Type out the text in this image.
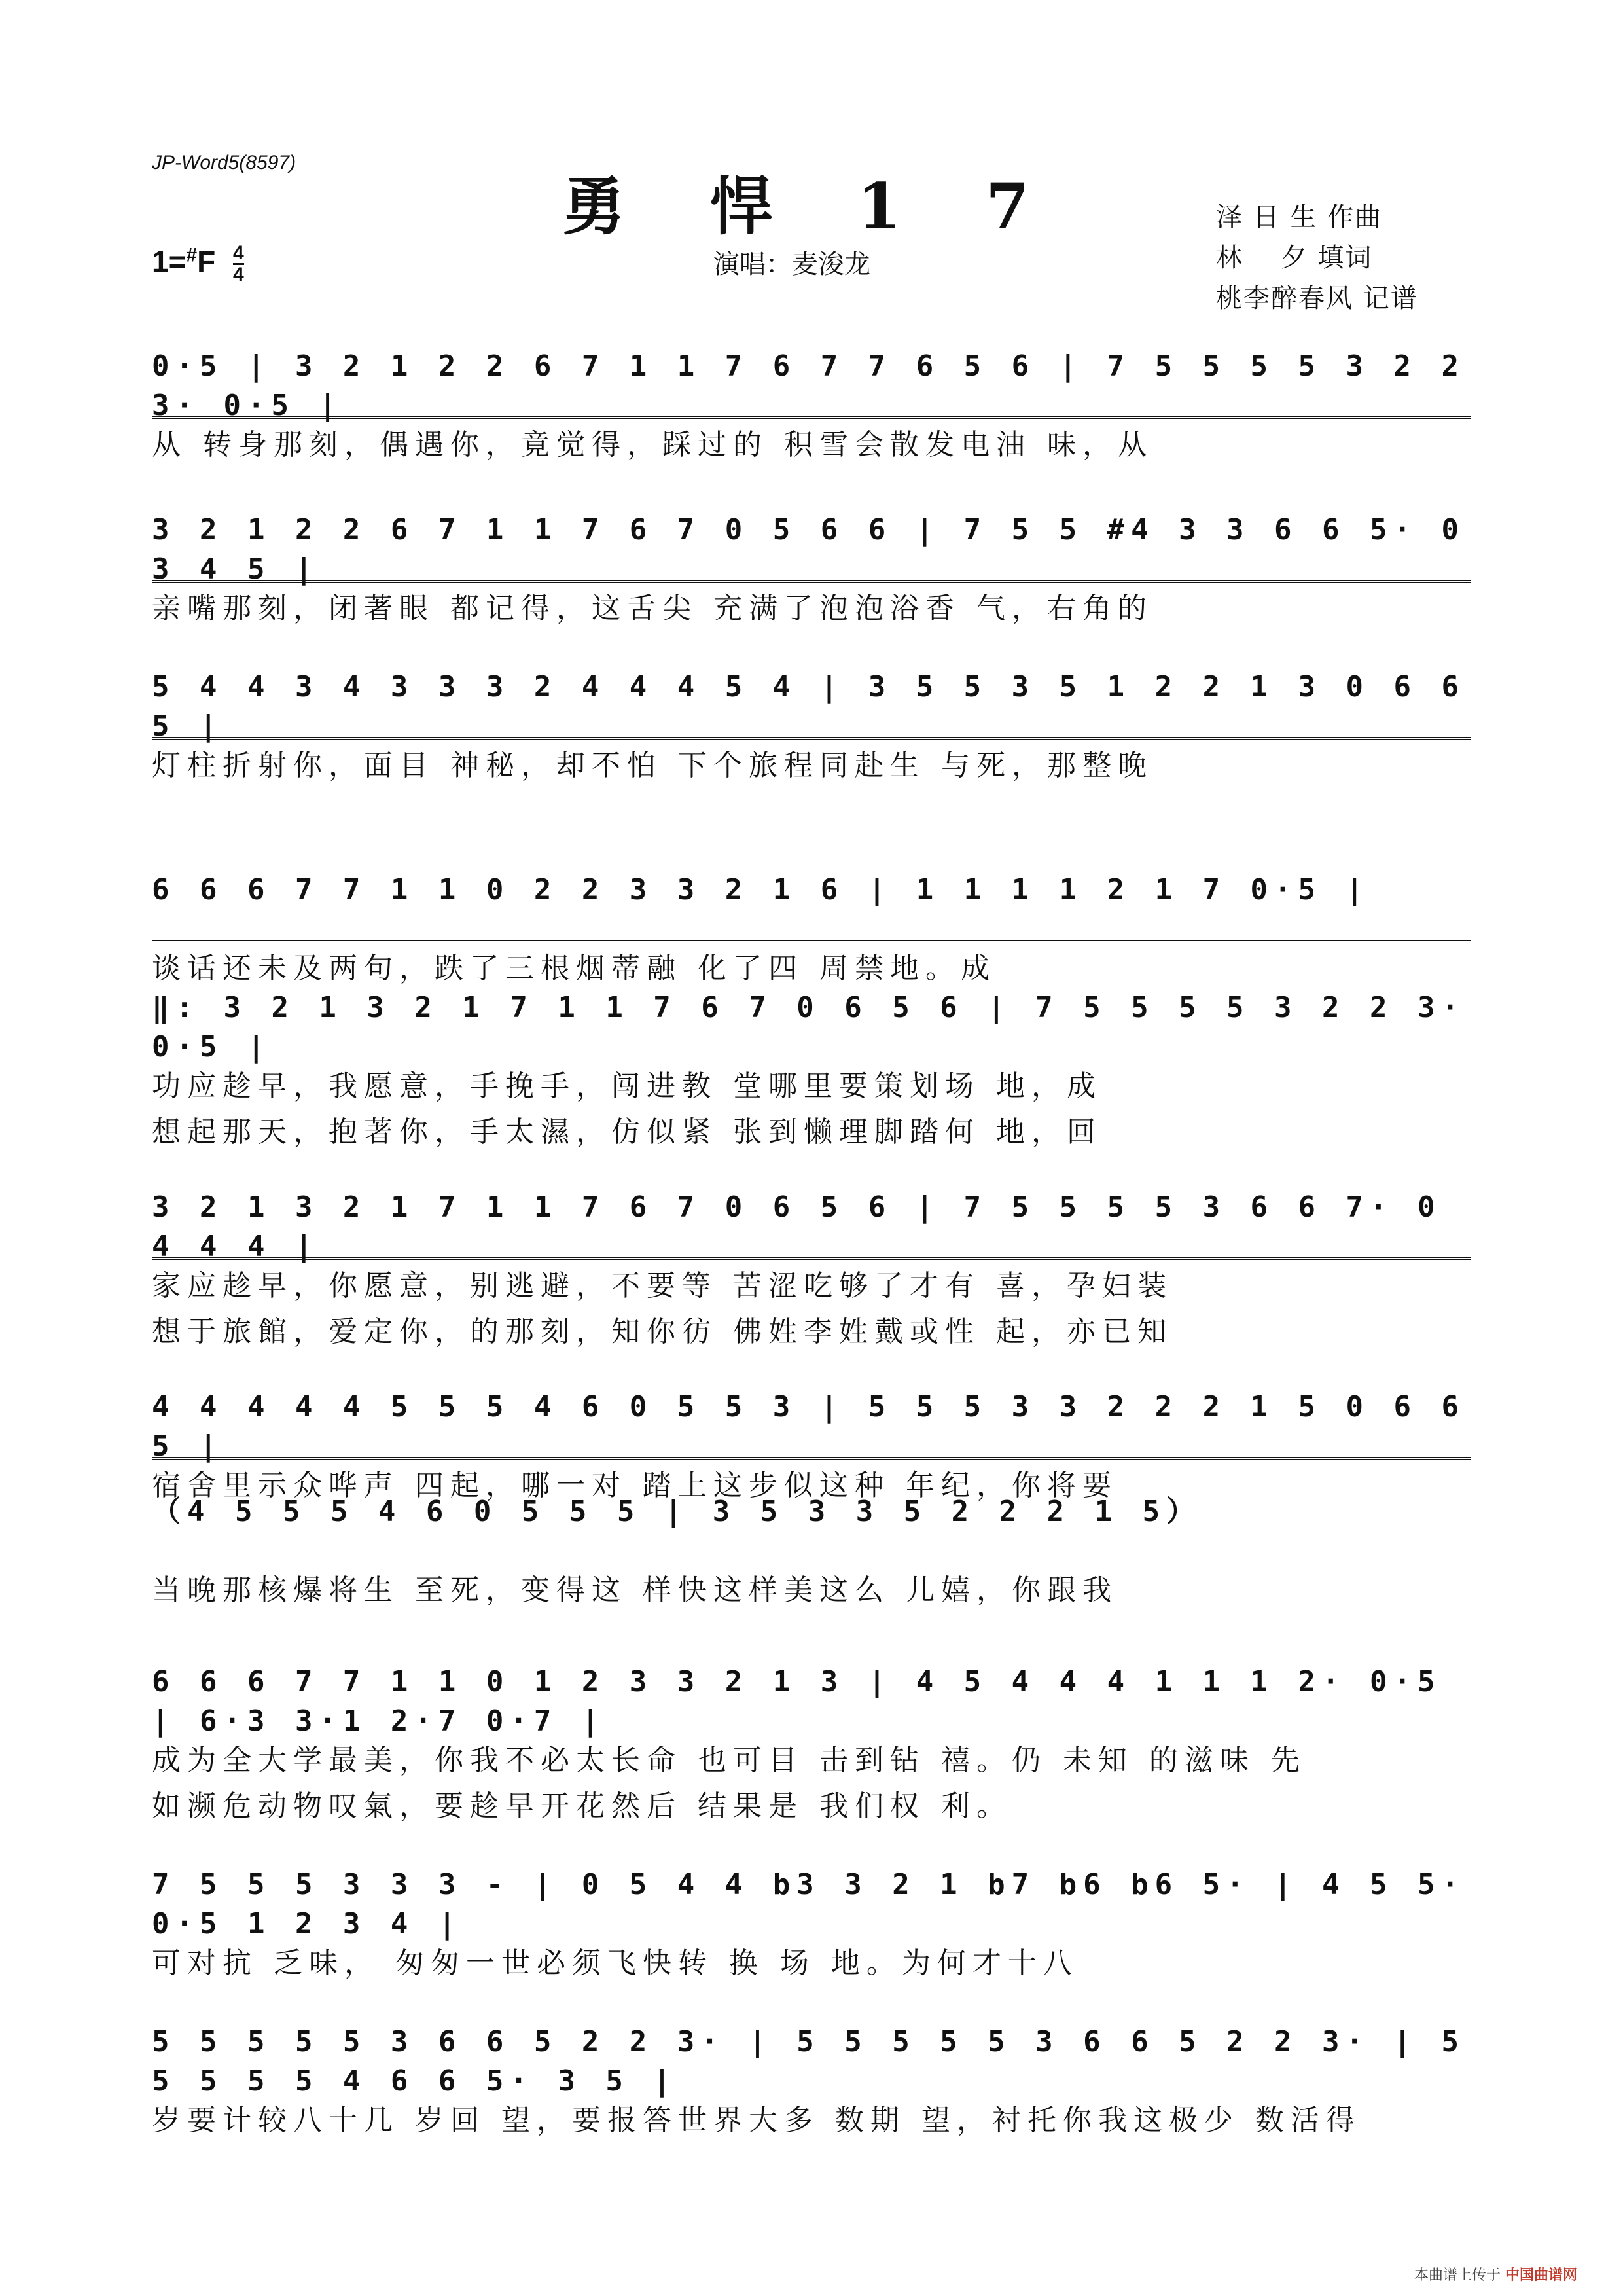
JP-Word5(8597)
勇 悍 1 7
$1=^{\#}F \frac{4}{4}$	演唱：麦浚龙
泽 日 生 作曲
林　 夕 填词
桃李醉春风 记谱
0·5 | 3 2 1 2 2 6 7 1 1 7 6 7 7 6 5 6 | 7 5 5 5 5 3 2 2 3· 0·5 |
从 转身那刻，偶遇你，竟觉得，踩过的 积雪会散发电油 味，从
3 2 1 2 2 6 7 1 1 7 6 7 0 5 6 6 | 7 5 5 #4 3 3 6 6 5· 0 3 4 5 |
亲嘴那刻，闭著眼 都记得，这舌尖 充满了泡泡浴香 气，右角的
5 4 4 3 4 3 3 3 2 4 4 4 5 4 | 3 5 5 3 5 1 2 2 1 3 0 6 6 5 |
灯柱折射你，面目 神秘，却不怕 下个旅程同赴生 与死，那整晚
6 6 6 7 7 1 1 0 2 2 3 3 2 1 6 | 1 1 1 1 2 1 7 0·5 |
谈话还未及两句，跌了三根烟蒂融 化了四 周禁地。成
‖: 3 2 1 3 2 1 7 1 1 7 6 7 0 6 5 6 | 7 5 5 5 5 3 2 2 3· 0·5 |
功应趁早，我愿意，手挽手，闯进教 堂哪里要策划场 地，成
想起那天，抱著你，手太濕，仿似紧 张到懒理脚踏何 地，回
3 2 1 3 2 1 7 1 1 7 6 7 0 6 5 6 | 7 5 5 5 5 3 6 6 7· 0 4 4 4 |
家应趁早，你愿意，别逃避，不要等 苦涩吃够了才有 喜，孕妇装
想于旅館，爱定你，的那刻，知你彷 佛姓李姓戴或性 起，亦已知
4 4 4 4 4 5 5 5 4 6 0 5 5 3 | 5 5 5 3 3 2 2 2 1 5 0 6 6 5 |
宿舍里示众哗声 四起，哪一对 踏上这步似这种 年纪，你将要
（4 5 5 5 4 6 0 5 5 5 | 3 5 3 3 5 2 2 2 1 5）
当晚那核爆将生 至死，变得这 样快这样美这么 儿嬉，你跟我
6 6 6 7 7 1 1 0 1 2 3 3 2 1 3 | 4 5 4 4 4 1 1 1 2· 0·5 | 6·3 3·1 2·7 0·7 |
成为全大学最美，你我不必太长命 也可目 击到钻 禧。仍 未知 的滋味 先
如濒危动物叹氣，要趁早开花然后 结果是 我们权 利。
7 5 5 5 3 3 3 - | 0 5 4 4 b3 3 2 1 b7 b6 b6 5· | 4 5 5· 0·5 1 2 3 4 |
可对抗 乏味， 匆匆一世必须飞快转 换 场 地。为何才十八
5 5 5 5 5 3 6 6 5 2 2 3· | 5 5 5 5 5 3 6 6 5 2 2 3· | 5 5 5 5 5 4 6 6 5· 3 5 |
岁要计较八十几 岁回 望，要报答世界大多 数期 望，衬托你我这极少 数活得
本曲谱上传于 中国曲谱网
